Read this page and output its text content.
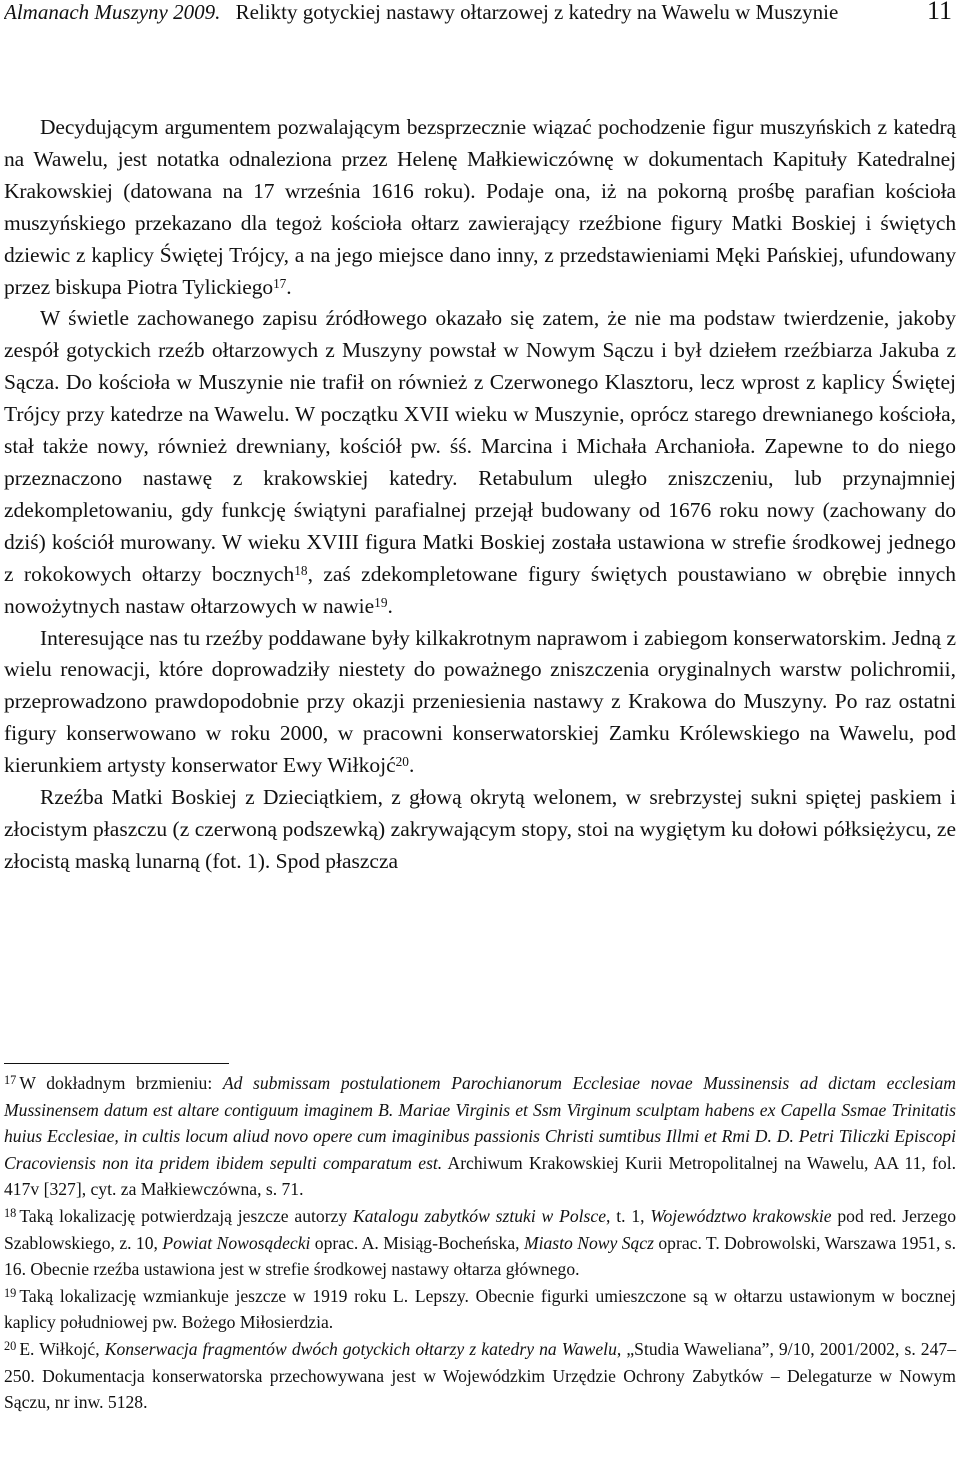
Almanach Muszyny 2009. Relikty gotyckiej nastawy ołtarzowej z katedry na Wawelu w Muszynie	11

Decydującym argumentem pozwalającym bezsprzecznie wiązać pochodzenie figur muszyńskich z katedrą na Wawelu, jest notatka odnaleziona przez Helenę Małkiewiczównę w dokumentach Kapituły Katedralnej Krakowskiej (datowana na 17 września 1616 roku). Podaje ona, iż na pokorną prośbę parafian kościoła muszyńskiego przekazano dla tegoż kościoła ołtarz zawierający rzeźbione figury Matki Boskiej i świętych dziewic z kaplicy Świętej Trójcy, a na jego miejsce dano inny, z przedstawieniami Męki Pańskiej, ufundowany przez biskupa Piotra Tylickiego$^{17}$.

W świetle zachowanego zapisu źródłowego okazało się zatem, że nie ma podstaw twierdzenie, jakoby zespół gotyckich rzeźb ołtarzowych z Muszyny powstał w Nowym Sączu i był dziełem rzeźbiarza Jakuba z Sącza. Do kościoła w Muszynie nie trafił on również z Czerwonego Klasztoru, lecz wprost z kaplicy Świętej Trójcy przy katedrze na Wawelu. W początku XVII wieku w Muszynie, oprócz starego drewnianego kościoła, stał także nowy, również drewniany, kościół pw. śś. Marcina i Michała Archanioła. Zapewne to do niego przeznaczono nastawę z krakowskiej katedry. Retabulum uległo zniszczeniu, lub przynajmniej zdekompletowaniu, gdy funkcję świątyni parafialnej przejął budowany od 1676 roku nowy (zachowany do dziś) kościół murowany. W wieku XVIII figura Matki Boskiej została ustawiona w strefie środkowej jednego z rokokowych ołtarzy bocznych$^{18}$, zaś zdekompletowane figury świętych poustawiano w obrębie innych nowożytnych nastaw ołtarzowych w nawie$^{19}$.

Interesujące nas tu rzeźby poddawane były kilkakrotnym naprawom i zabiegom konserwatorskim. Jedną z wielu renowacji, które doprowadziły niestety do poważnego zniszczenia oryginalnych warstw polichromii, przeprowadzono prawdopodobnie przy okazji przeniesienia nastawy z Krakowa do Muszyny. Po raz ostatni figury konserwowano w roku 2000, w pracowni konserwatorskiej Zamku Królewskiego na Wawelu, pod kierunkiem artysty konserwator Ewy Wiłkojć$^{20}$.

Rzeźba Matki Boskiej z Dzieciątkiem, z głową okrytą welonem, w srebrzystej sukni spiętej paskiem i złocistym płaszczu (z czerwoną podszewką) zakrywającym stopy, stoi na wygiętym ku dołowi półksiężycu, ze złocistą maską lunarną (fot. 1). Spod płaszcza

$^{17}$ W dokładnym brzmieniu: Ad submissam postulationem Parochianorum Ecclesiae novae Mussinensis ad dictam ecclesiam Mussinensem datum est altare contiguum imaginem B. Mariae Virginis et Ssm Virginum sculptam habens ex Capella Ssmae Trinitatis huius Ecclesiae, in cultis locum aliud novo opere cum imaginibus passionis Christi sumtibus Illmi et Rmi D. D. Petri Tiliczki Episcopi Cracoviensis non ita pridem ibidem sepulti comparatum est. Archiwum Krakowskiej Kurii Metropolitalnej na Wawelu, AA 11, fol. 417v [327], cyt. za Małkiewczówna, s. 71.

$^{18}$ Taką lokalizację potwierdzają jeszcze autorzy Katalogu zabytków sztuki w Polsce, t. 1, Województwo krakowskie pod red. Jerzego Szablowskiego, z. 10, Powiat Nowosądecki oprac. A. Misiąg-Bocheńska, Miasto Nowy Sącz oprac. T. Dobrowolski, Warszawa 1951, s. 16. Obecnie rzeźba ustawiona jest w strefie środkowej nastawy ołtarza głównego.

$^{19}$ Taką lokalizację wzmiankuje jeszcze w 1919 roku L. Lepszy. Obecnie figurki umieszczone są w ołtarzu ustawionym w bocznej kaplicy południowej pw. Bożego Miłosierdzia.

$^{20}$ E. Wiłkojć, Konserwacja fragmentów dwóch gotyckich ołtarzy z katedry na Wawelu, „Studia Waweliana”, 9/10, 2001/2002, s. 247–250. Dokumentacja konserwatorska przechowywana jest w Wojewódzkim Urzędzie Ochrony Zabytków – Delegaturze w Nowym Sączu, nr inw. 5128.
